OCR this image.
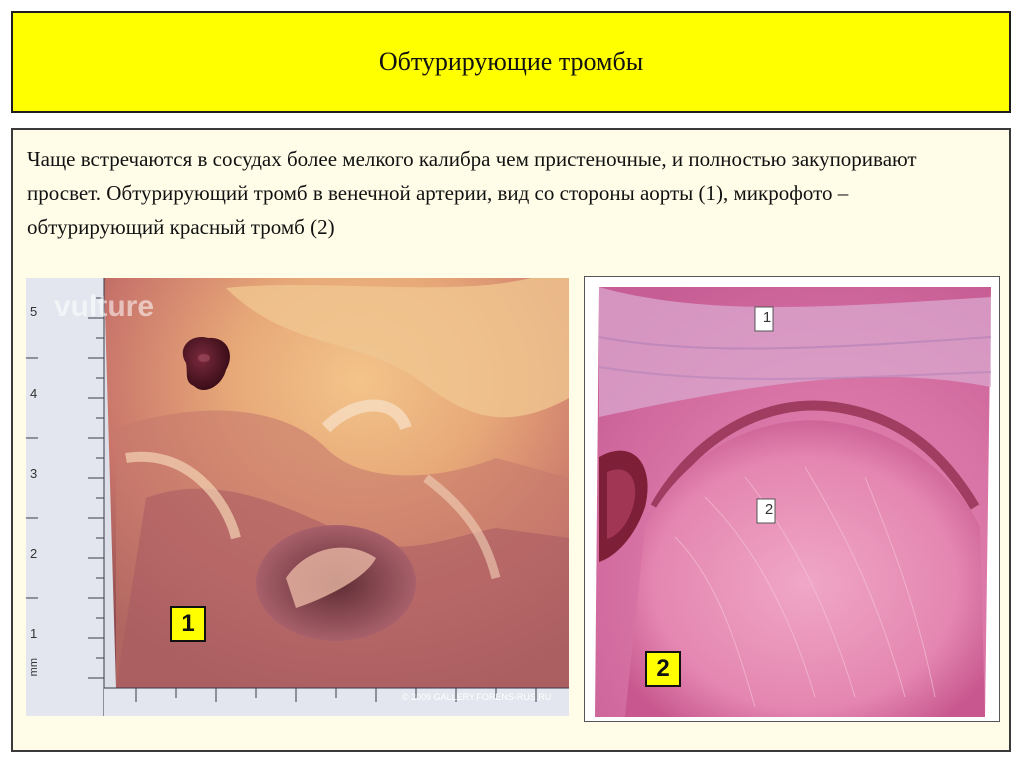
Обтурирующие тромбы

Чаще встречаются в сосудах более мелкого калибра чем пристеночные, и полностью закупоривают просвет. Обтурирующий тромб в венечной артерии, вид со стороны аорты (1), микрофото – обтурирующий красный тромб (2)

5
4
3
2
1
mm
vulture
© 2009 GALLERY.FORENS-RUS.RU
1
1
2
2
